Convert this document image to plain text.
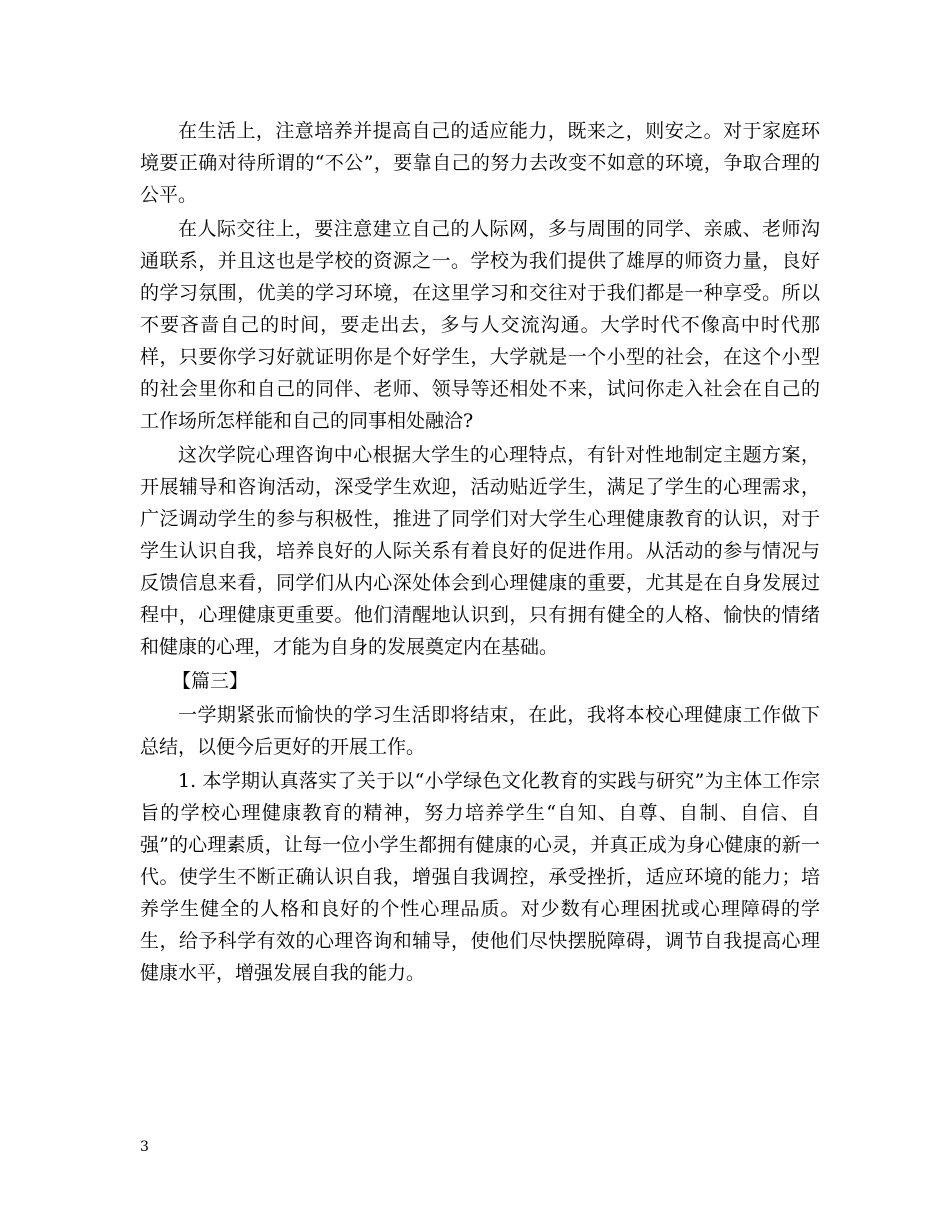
在生活上，注意培养并提高自己的适应能力，既来之，则安之。对于家庭环境要正确对待所谓的“不公”，要靠自己的努力去改变不如意的环境，争取合理的公平。

在人际交往上，要注意建立自己的人际网，多与周围的同学、亲戚、老师沟通联系，并且这也是学校的资源之一。学校为我们提供了雄厚的师资力量，良好的学习氛围，优美的学习环境，在这里学习和交往对于我们都是一种享受。所以不要吝啬自己的时间，要走出去，多与人交流沟通。大学时代不像高中时代那样，只要你学习好就证明你是个好学生，大学就是一个小型的社会，在这个小型的社会里你和自己的同伴、老师、领导等还相处不来，试问你走入社会在自己的工作场所怎样能和自己的同事相处融洽?

这次学院心理咨询中心根据大学生的心理特点，有针对性地制定主题方案，开展辅导和咨询活动，深受学生欢迎，活动贴近学生，满足了学生的心理需求，广泛调动学生的参与积极性，推进了同学们对大学生心理健康教育的认识，对于学生认识自我，培养良好的人际关系有着良好的促进作用。从活动的参与情况与反馈信息来看，同学们从内心深处体会到心理健康的重要，尤其是在自身发展过程中，心理健康更重要。他们清醒地认识到，只有拥有健全的人格、愉快的情绪和健康的心理，才能为自身的发展奠定内在基础。

【篇三】

一学期紧张而愉快的学习生活即将结束，在此，我将本校心理健康工作做下总结，以便今后更好的开展工作。

1. 本学期认真落实了关于以“小学绿色文化教育的实践与研究”为主体工作宗旨的学校心理健康教育的精神，努力培养学生“自知、自尊、自制、自信、自强”的心理素质，让每一位小学生都拥有健康的心灵，并真正成为身心健康的新一代。使学生不断正确认识自我，增强自我调控，承受挫折，适应环境的能力；培养学生健全的人格和良好的个性心理品质。对少数有心理困扰或心理障碍的学生，给予科学有效的心理咨询和辅导，使他们尽快摆脱障碍，调节自我提高心理健康水平，增强发展自我的能力。

3
